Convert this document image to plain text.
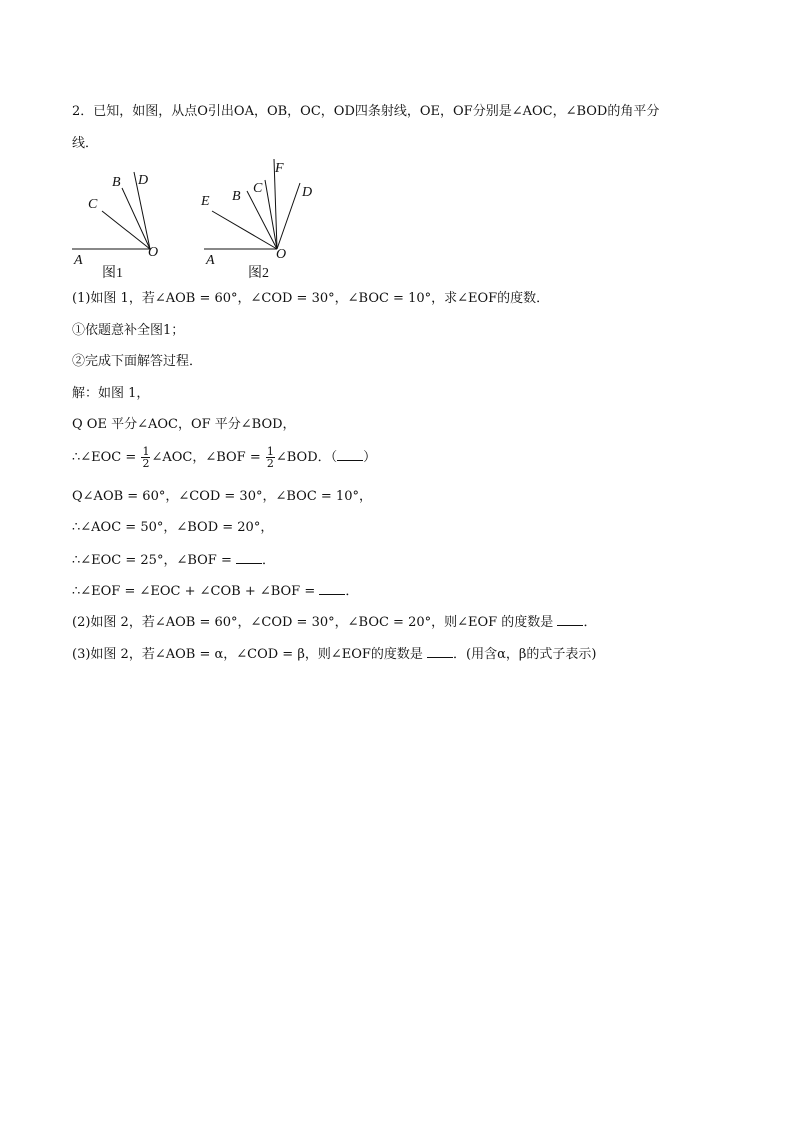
2．已知，如图，从点O引出OA，OB，OC，OD四条射线，OE，OF分别是∠AOC，∠BOD的角平分
线．
A
C
B D
O
图1
A
E B
C
F
D
O
图2
(1)如图 1，若∠AOB = 60°，∠COD = 30°，∠BOC = 10°，求∠EOF的度数．
①依题意补全图1；
②完成下面解答过程．
解：如图 1，
Q OE 平分∠AOC，OF 平分∠BOD，
∴∠EOC = $\frac{1}{2}$ ∠AOC，∠BOF = $\frac{1}{2}$ ∠BOD．（ ）
Q∠AOB = 60°，∠COD = 30°，∠BOC = 10°，
∴∠AOC = 50°，∠BOD = 20°，
∴∠EOC = 25°，∠BOF = ．
∴∠EOF = ∠EOC + ∠COB + ∠BOF = ．
(2)如图 2，若∠AOB = 60°，∠COD = 30°，∠BOC = 20°，则∠EOF 的度数是 ．
(3)如图 2，若∠AOB = α，∠COD = β，则∠EOF的度数是 ．(用含α，β的式子表示)
